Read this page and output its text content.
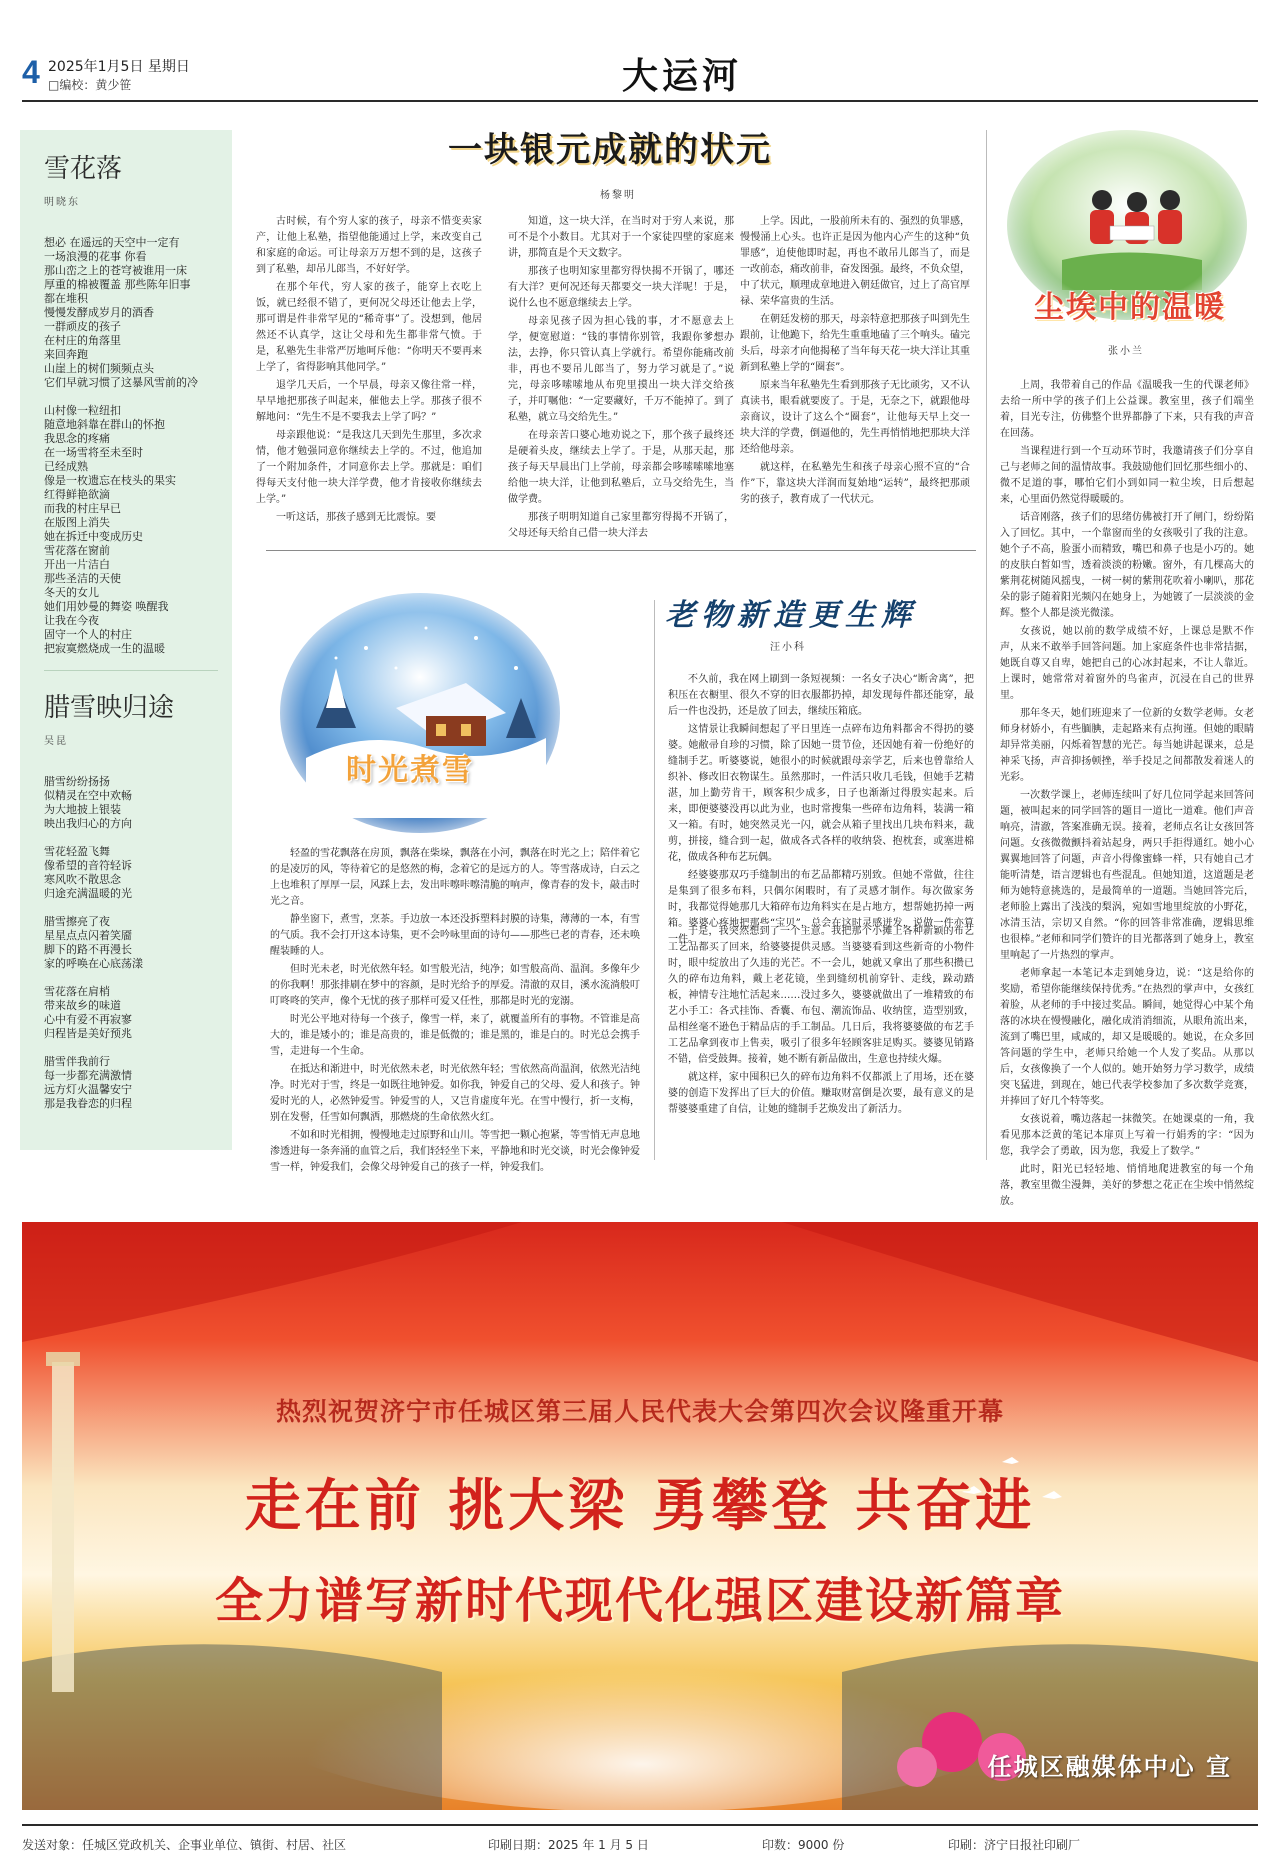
4 2025年1月5日 星期日
□编校：黄少笹	大运河
雪花落
明晓东
想必 在遥远的天空中一定有
一场浪漫的花事 你看
那山峦之上的苍穹被谁用一床
厚重的棉被覆盖 那些陈年旧事
都在堆积
慢慢发酵成岁月的酒香
一群顽皮的孩子
在村庄的角落里
来回奔跑
山崖上的树们频频点头
它们早就习惯了这暴风雪前的冷
山村像一粒纽扣
随意地斜靠在群山的怀抱
我思念的疼痛
在一场雪将至未至时
已经成熟
像是一枚遗忘在枝头的果实
红得鲜艳欲滴
而我的村庄早已
在版图上消失
她在拆迁中变成历史
雪花落在窗前
开出一片洁白
那些圣洁的天使
冬天的女儿
她们用妙曼的舞姿 唤醒我
让我在今夜
固守一个人的村庄
把寂寞燃烧成一生的温暖
腊雪映归途
吴昆
腊雪纷纷扬扬
似精灵在空中欢畅
为大地披上银装
映出我归心的方向
雪花轻盈飞舞
像希望的音符轻诉
寒风吹不散思念
归途充满温暖的光
腊雪擦亮了夜
星星点点闪着笑靥
脚下的路不再漫长
家的呼唤在心底荡漾
雪花落在肩梢
带来故乡的味道
心中有爱不再寂寥
归程皆是美好预兆
腊雪伴我前行
每一步都充满激情
远方灯火温馨安宁
那是我眷恋的归程
一块银元成就的状元
杨黎明

古时候，有个穷人家的孩子，母亲不惜变卖家产，让他上私塾，指望他能通过上学，来改变自己和家庭的命运。可让母亲万万想不到的是，这孩子到了私塾，却吊儿郎当，不好好学。

在那个年代，穷人家的孩子，能穿上衣吃上饭，就已经很不错了，更何况父母还让他去上学，那可谓是件非常罕见的“稀奇事”了。没想到，他居然还不认真学，这让父母和先生都非常气愤。于是，私塾先生非常严厉地呵斥他：“你明天不要再来上学了，省得影响其他同学。”

退学几天后，一个早晨，母亲又像往常一样，早早地把那孩子叫起来，催他去上学。那孩子很不解地问：“先生不是不要我去上学了吗？”

母亲跟他说：“是我这几天到先生那里，多次求情，他才勉强同意你继续去上学的。不过，他追加了一个附加条件，才同意你去上学。那就是：咱们得每天支付他一块大洋学费，他才肯接收你继续去上学。”

一听这话，那孩子感到无比震惊。要

知道，这一块大洋，在当时对于穷人来说，那可不是个小数目。尤其对于一个家徒四壁的家庭来讲，那简直是个天文数字。

那孩子也明知家里都穷得快揭不开锅了，哪还有大洋？更何况还每天都要交一块大洋呢！于是，说什么也不愿意继续去上学。

母亲见孩子因为担心钱的事，才不愿意去上学，便宽慰道：“钱的事情你别管，我跟你爹想办法，去挣，你只管认真上学就行。希望你能痛改前非，再也不要吊儿郎当了，努力学习就是了。”说完，母亲哆嗦嗦地从布兜里摸出一块大洋交给孩子，并叮嘱他：“一定要藏好，千万不能掉了。到了私塾，就立马交给先生。”

在母亲苦口婆心地劝说之下，那个孩子最终还是硬着头皮，继续去上学了。于是，从那天起，那孩子每天早晨出门上学前，母亲都会哆嗦嗦嗦地塞给他一块大洋，让他到私塾后，立马交给先生，当做学费。

那孩子明明知道自己家里都穷得揭不开锅了，父母还每天给自己借一块大洋去

上学。因此，一股前所未有的、强烈的负罪感，慢慢涌上心头。也许正是因为他内心产生的这种“负罪感”，迫使他即时起，再也不敢吊儿郎当了，而是一改前态，痛改前非，奋发图强。最终，不负众望，中了状元，顺理成章地进入朝廷做官，过上了高官厚禄、荣华富贵的生活。

在朝廷发榜的那天，母亲特意把那孩子叫到先生跟前，让他跪下，给先生重重地磕了三个响头。磕完头后，母亲才向他揭秘了当年每天花一块大洋让其重新到私塾上学的“圈套”。

原来当年私塾先生看到那孩子无比顽劣，又不认真读书，眼看就要废了。于是，无奈之下，就跟他母亲商议，设计了这么个“圈套”，让他每天早上交一块大洋的学费，倒逼他的，先生再悄悄地把那块大洋还给他母亲。

就这样，在私塾先生和孩子母亲心照不宣的“合作”下，靠这块大洋润而复始地“运转”，最终把那顽劣的孩子，教育成了一代状元。

时光煮雪

轻盈的雪花飘落在房顶，飘落在柴垛，飘落在小河，飘落在时光之上；陪伴着它的是凌厉的风，等待着它的是悠然的梅，念着它的是远方的人。等雪落成诗，白云之上也堆积了厚厚一层，风踩上去，发出咔嚓咔嚓清脆的响声，像青春的发卡，敲击时光之音。

静坐窗下，煮雪，烹茶。手边放一本还没拆塑料封膜的诗集，薄薄的一本，有雪的气质。我不会打开这本诗集，更不会吟咏里面的诗句——那些已老的青春，还未唤醒装睡的人。

但时光未老，时光依然年轻。如雪般光洁，纯净；如雪般高尚、温润。多像年少的你我啊！那张排刷在梦中的容颜，是时光给予的厚爱。清澈的双目，溪水流淌般叮叮咚咚的笑声，像个无忧的孩子那样可爱又任性，那都是时光的宠溺。

时光公平地对待每一个孩子，像雪一样，来了，就覆盖所有的事物。不管谁是高大的，谁是矮小的；谁是高贵的，谁是低微的；谁是黑的，谁是白的。时光总会携手雪，走进每一个生命。

在抵达和渐进中，时光依然未老，时光依然年轻；雪依然高尚温润，依然光洁纯净。时光对于雪，终是一如既往地钟爱。如你我，钟爱自己的父母、爱人和孩子。钟爱时光的人，必然钟爱雪。钟爱雪的人，又岂肯虚度年光。在雪中慢行，折一支梅，别在发髻，任雪如何飘洒，那燃烧的生命依然火红。

不如和时光相拥，慢慢地走过原野和山川。等雪把一颗心抱紧，等雪悄无声息地渗透进每一条奔涌的血管之后，我们轻轻坐下来，平静地和时光交谈，时光会像钟爱雪一样，钟爱我们，会像父母钟爱自己的孩子一样，钟爱我们。

老物新造更生辉
汪小科

不久前，我在网上刷到一条短视频：一名女子决心“断舍离”，把积压在衣橱里、很久不穿的旧衣服都扔掉，却发现每件都还能穿，最后一件也没扔，还是放了回去，继续压箱底。

这情景让我瞬间想起了平日里连一点碎布边角料都舍不得扔的婆婆。她敝帚自珍的习惯，除了因她一贯节俭，还因她有着一份绝好的缝制手艺。听婆婆说，她很小的时候就跟母亲学艺，后来也曾靠给人织补、修改旧衣物谋生。虽然那时，一件活只收几毛钱，但她手艺精湛，加上勤劳肯干，顾客积少成多，日子也渐渐过得殷实起来。后来，即便婆婆没再以此为业，也时常搜集一些碎布边角料，装满一箱又一箱。有时，她突然灵光一闪，就会从箱子里找出几块布料来，裁剪，拼接，缝合到一起，做成各式各样的收纳袋、抱枕套，或塞进棉花，做成各种布艺玩偶。

经婆婆那双巧手缝制出的布艺品都精巧别致。但她不常做，往往是集到了很多布料，只偶尔闲暇时，有了灵感才制作。每次做家务时，我都觉得她那几大箱碎布边角料实在是占地方，想帮她扔掉一两箱。婆婆心疼地把那些“宝贝”，总会在这时灵感迸发，说做一件亦算一件。

于是，我突然想到了一个主意。我把那个小摊上各种新颖的布艺工艺品都买了回来，给婆婆提供灵感。当婆婆看到这些新奇的小物件时，眼中绽放出了久违的光芒。不一会儿，她就又拿出了那些积攒已久的碎布边角料，戴上老花镜，坐到缝纫机前穿针、走线，跺动踏板，神情专注地忙活起来……没过多久，婆婆就做出了一堆精致的布艺小手工：各式挂饰、香囊、布包、潮流饰品、收纳筐，造型别致，品相丝毫不逊色于精品店的手工制品。几日后，我将婆婆做的布艺手工艺品拿到夜市上售卖，吸引了很多年轻顾客驻足购买。婆婆见销路不错，倍受鼓舞。接着，她不断有新品做出，生意也持续火爆。

就这样，家中囤积已久的碎布边角料不仅都派上了用场，还在婆婆的创造下发挥出了巨大的价值。赚取财富倒是次要，最有意义的是帮婆婆重建了自信，让她的缝制手艺焕发出了新活力。

尘埃中的温暖
张小兰

上周，我带着自己的作品《温暖我一生的代课老师》去给一所中学的孩子们上公益课。教室里，孩子们端坐着，目光专注，仿佛整个世界都静了下来，只有我的声音在回荡。

当课程进行到一个互动环节时，我邀请孩子们分享自己与老师之间的温情故事。我鼓励他们回忆那些细小的、微不足道的事，哪怕它们小到如同一粒尘埃，日后想起来，心里面仍然觉得暖暖的。

话音刚落，孩子们的思绪仿佛被打开了闸门，纷纷陷入了回忆。其中，一个靠窗而坐的女孩吸引了我的注意。她个子不高，脸蛋小而精致，嘴巴和鼻子也是小巧的。她的皮肤白皙如雪，透着淡淡的粉嫩。窗外，有几棵高大的紫荆花树随风摇曳，一树一树的紫荆花吹着小喇叭，那花朵的影子随着阳光频闪在她身上，为她镀了一层淡淡的金辉。整个人都是淡光微漾。

女孩说，她以前的数学成绩不好，上课总是默不作声，从来不敢举手回答问题。加上家庭条件也非常拮据，她既自尊又自卑，她把自己的心冰封起来，不让人靠近。上课时，她常常对着窗外的鸟雀声，沉浸在自己的世界里。

那年冬天，她们班迎来了一位新的女数学老师。女老师身材娇小，有些腼腆，走起路来有点拘谨。但她的眼睛却异常美丽，闪烁着智慧的光芒。每当她讲起课来，总是神采飞扬，声音抑扬顿挫，举手投足之间都散发着迷人的光彩。

一次数学课上，老师连续叫了好几位同学起来回答问题，被叫起来的同学回答的题目一道比一道难。他们声音响亮，清澈，答案准确无误。接着，老师点名让女孩回答问题。女孩微微颤抖着站起身，两只手拒得通红。她小心翼翼地回答了问题，声音小得像蜜蜂一样，只有她自己才能听清楚，语言逻辑也有些混乱。但她知道，这道题是老师为她特意挑选的，是最简单的一道题。当她回答完后，老师脸上露出了浅浅的梨涡，宛如雪地里绽放的小野花，冰清玉洁，宗切又自然。“你的回答非常准确，逻辑思维也很棒。”老师和同学们赞许的目光都落到了她身上，教室里响起了一片热烈的掌声。

老师拿起一本笔记本走到她身边，说：“这是给你的奖励，希望你能继续保持优秀。”在热烈的掌声中，女孩红着脸，从老师的手中接过奖品。瞬间，她觉得心中某个角落的冰块在慢慢融化，融化成消消细流，从眼角流出来，流到了嘴巴里，咸咸的，却又是暖暖的。她说，在众多回答问题的学生中，老师只给她一个人发了奖品。从那以后，女孩像换了一个人似的。她开始努力学习数学，成绩突飞猛进，到现在，她已代表学校参加了多次数学竞赛，并捧回了好几个特等奖。

女孩说着，嘴边落起一抹微笑。在她课桌的一角，我看见那本泛黄的笔记本扉页上写着一行娟秀的字：“因为您，我学会了勇敢，因为您，我爱上了数学。”

此时，阳光已轻轻地、悄悄地爬进教室的每一个角落，教室里微尘漫舞，美好的梦想之花正在尘埃中悄然绽放。

热烈祝贺济宁市任城区第三届人民代表大会第四次会议隆重开幕
走在前 挑大梁 勇攀登 共奋进
全力谱写新时代现代化强区建设新篇章
任城区融媒体中心 宣
发送对象：任城区党政机关、企事业单位、镇街、村居、社区	印刷日期：2025 年 1 月 5 日	印数：9000 份	印刷：济宁日报社印刷厂
